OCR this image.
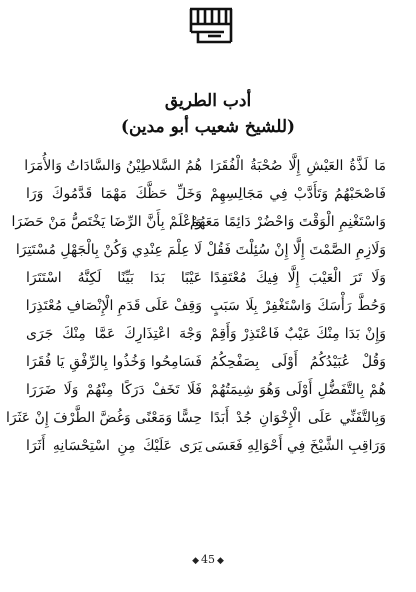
أدب الطريق
(للشيخ شعيب أبو مدين)
مَا لَذَّةُ العَيْشِ إِلَّا صُحْبَةُ الْفُقَرَا
هُمُ السَّلاطِيْنُ وَالسَّادَاتُ وَالأُمَرَا
فَاصْحَبْهُمُ وَتَأَدَّبْ فِي مَجَالِسِهِمْ
وَخَلِّ حَظَّكَ مَهْمَا قَدَّمُوكَ وَرَا
وَاسْتَغْنِمِ الْوَقْتَ وَاحْضُرْ دَائِمًا مَعَهُمْ
وَاعْلَمْ بِأَنَّ الرِّضَا يَخْتَصُّ مَنْ حَضَرَا
وَلَازِمِ الصَّمْتَ إِلَّا إِنْ سُئِلْتَ فَقُلْ
لَا عِلْمَ عِنْدِي وَكُنْ بِالْجَهْلِ مُسْتَتِرَا
وَلَا تَرَ الْعَيْبَ إِلَّا فِيكَ مُعْتَقِدًا
عَيْبًا بَدَا بَيِّنًا لَكِنَّهُ اسْتَتَرَا
وَحُطَّ رَأْسَكَ وَاسْتَغْفِرْ بِلَا سَبَبٍ
وَقِفْ عَلَى قَدَمِ الْإِنْصَافِ مُعْتَذِرَا
وَإِنْ بَدَا مِنْكَ عَيْبٌ فَاعْتَذِرْ وَأَقِمْ
وَجْهَ اعْتِذَارِكَ عَمَّا مِنْكَ جَرَى
وَقُلْ عُبَيْدُكُمُ أَوْلَى بِصَفْحِكُمُ
فَسَامِحُوا وَخُذُوا بِالرِّفْقِ يَا فُقَرَا
هُمْ بِالتَّفَضُّلِ أَوْلَى وَهُوَ شِيمَتُهُمْ
فَلَا تَخَفْ دَرَكًا مِنْهُمْ وَلَا ضَرَرَا
وَبِالتَّفَنِّي عَلَى الْإِخْوَانِ جُدْ أَبَدًا
حِسًّا وَمَعْنًى وَغُضَّ الطَّرْفَ إِنْ عَثَرَا
وَرَاقِبِ الشَّيْخَ فِي أَحْوَالِهِ فَعَسَى
يَرَى عَلَيْكَ مِنِ اسْتِحْسَانِهِ أَثَرَا
◆ 45 ◆
